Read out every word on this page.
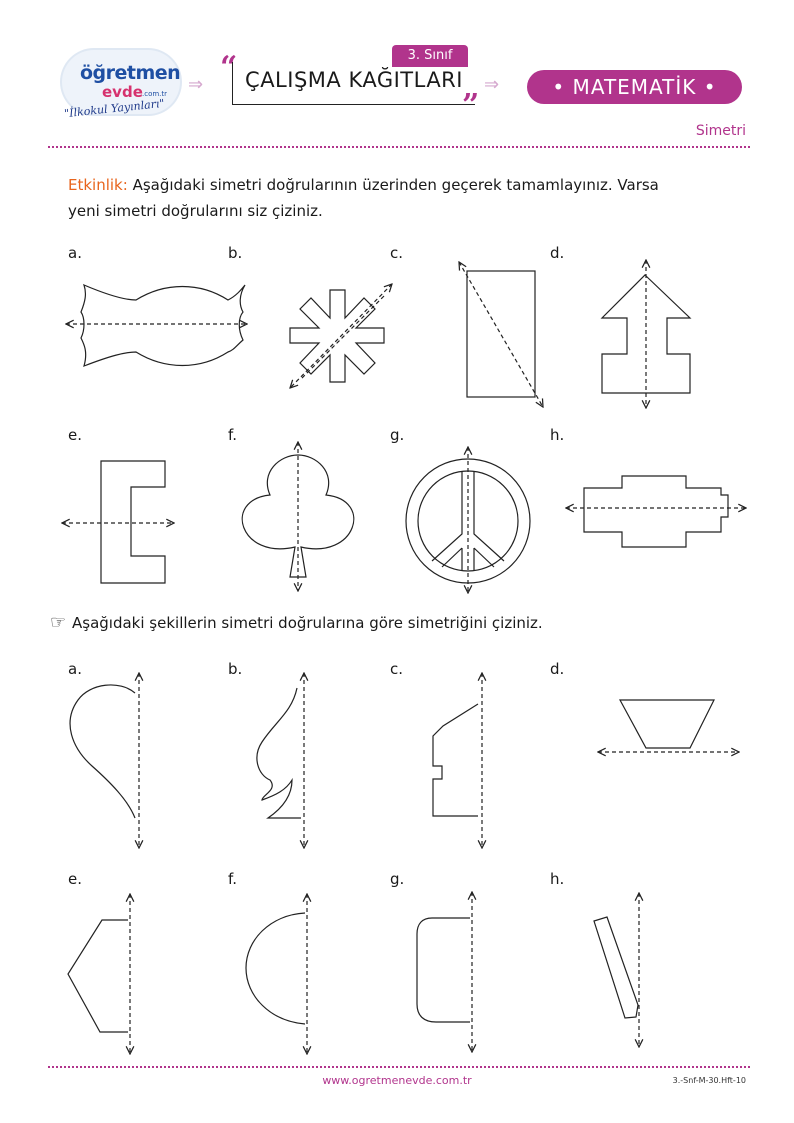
öğretmen
evde .com.tr
"İlkokul Yayınları"
⇒	⇒
3. Sınıf
“ ÇALIŞMA KAĞITLARI
”
• MATEMATİK •
Simetri
Etkinlik: Aşağıdaki simetri doğrularının üzerinden geçerek tamamlayınız. Varsa
yeni simetri doğrularını siz çiziniz.
a.	b.	c.	d.
e.	f.	g.	h.
☞ Aşağıdaki şekillerin simetri doğrularına göre simetriğini çiziniz.
a.	b.	c.	d.
e.	f.	g.	h.
www.ogretmenevde.com.tr	3.-Snf-M-30.Hft-10
